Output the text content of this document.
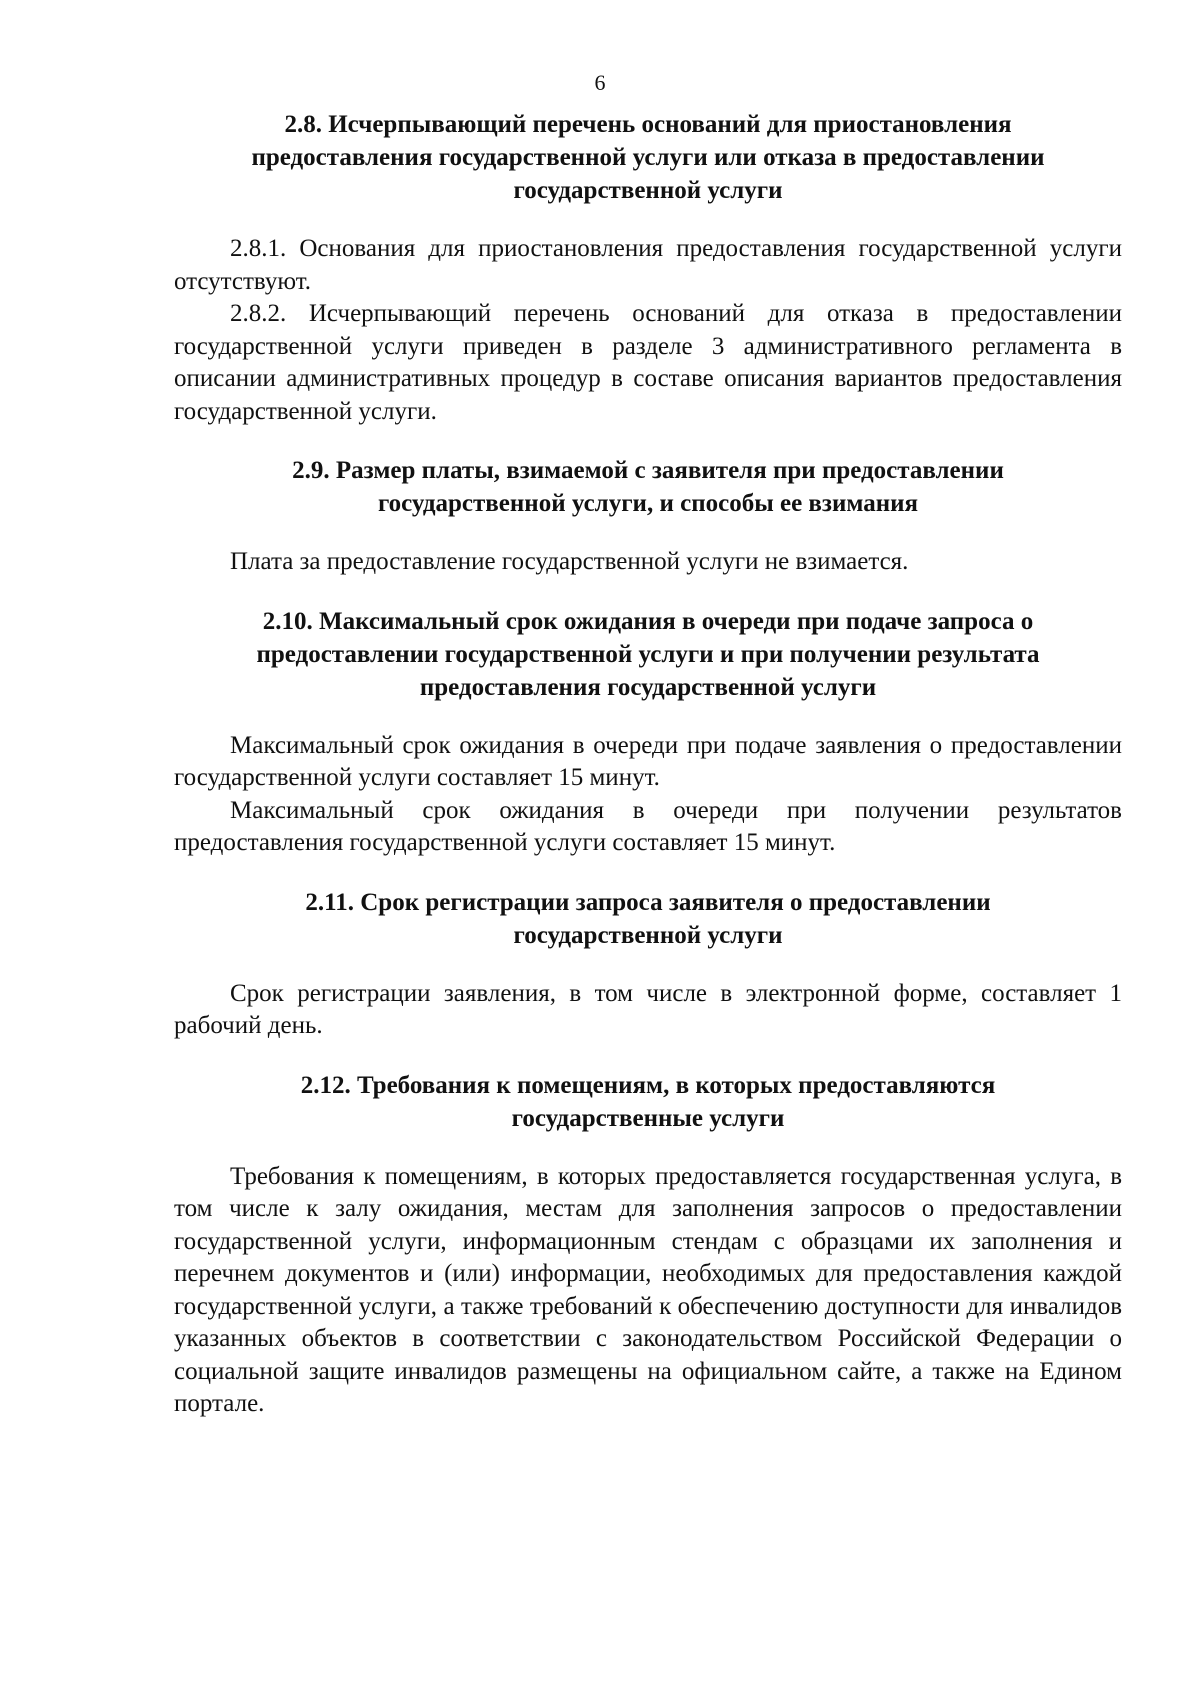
6
2.8. Исчерпывающий перечень оснований для приостановления предоставления государственной услуги или отказа в предоставлении государственной услуги

2.8.1. Основания для приостановления предоставления государственной услуги отсутствуют.

2.8.2. Исчерпывающий перечень оснований для отказа в предоставлении государственной услуги приведен в разделе 3 административного регламента в описании административных процедур в составе описания вариантов предоставления государственной услуги.

2.9. Размер платы, взимаемой с заявителя при предоставлении государственной услуги, и способы ее взимания

Плата за предоставление государственной услуги не взимается.

2.10. Максимальный срок ожидания в очереди при подаче запроса о предоставлении государственной услуги и при получении результата предоставления государственной услуги

Максимальный срок ожидания в очереди при подаче заявления о предоставлении государственной услуги составляет 15 минут.

Максимальный срок ожидания в очереди при получении результатов предоставления государственной услуги составляет 15 минут.

2.11. Срок регистрации запроса заявителя о предоставлении государственной услуги

Срок регистрации заявления, в том числе в электронной форме, составляет 1 рабочий день.

2.12. Требования к помещениям, в которых предоставляются государственные услуги

Требования к помещениям, в которых предоставляется государственная услуга, в том числе к залу ожидания, местам для заполнения запросов о предоставлении государственной услуги, информационным стендам с образцами их заполнения и перечнем документов и (или) информации, необходимых для предоставления каждой государственной услуги, а также требований к обеспечению доступности для инвалидов указанных объектов в соответствии с законодательством Российской Федерации о социальной защите инвалидов размещены на официальном сайте, а также на Едином портале.
